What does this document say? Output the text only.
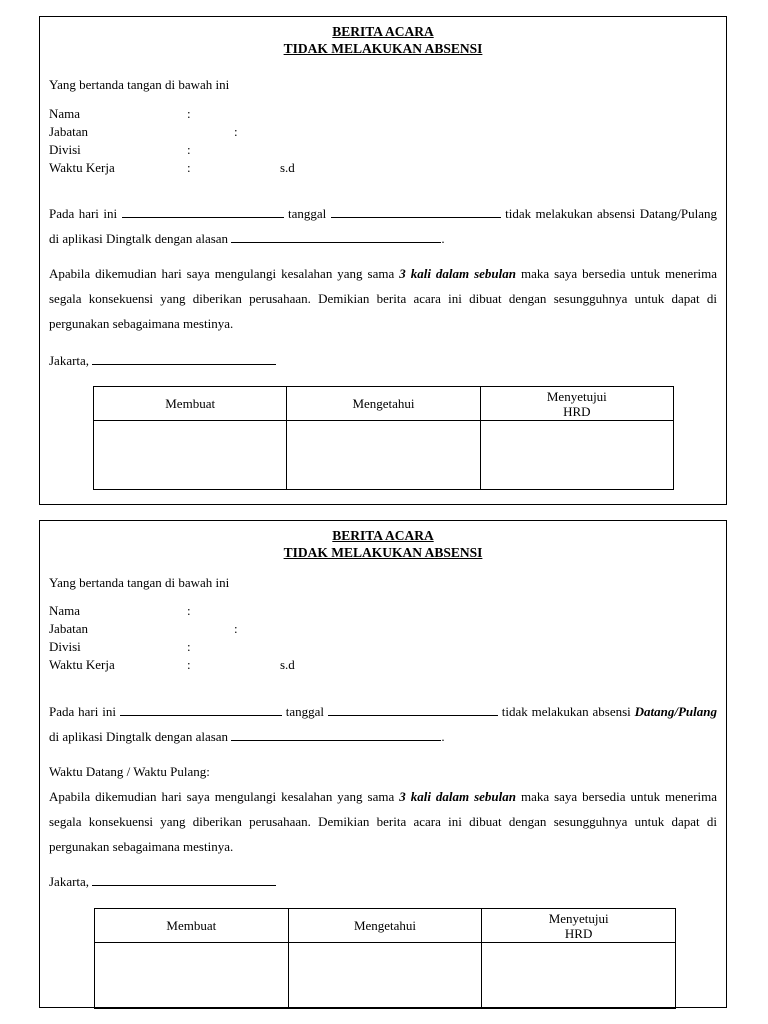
BERITA ACARA
TIDAK MELAKUKAN ABSENSI
Yang bertanda tangan di bawah ini
Nama	:
Jabatan	:
Divisi	:
Waktu Kerja	:	s.d
Pada hari ini	tanggal	tidak melakukan absensi Datang/Pulang di aplikasi Dingtalk dengan alasan	.
Apabila dikemudian hari saya mengulangi kesalahan yang sama 3 kali dalam sebulan maka saya bersedia untuk menerima segala konsekuensi yang diberikan perusahaan. Demikian berita acara ini dibuat dengan sesungguhnya untuk dapat di pergunakan sebagaimana mestinya.
Jakarta,
Membuat	Mengetahui	Menyetujui
HRD

BERITA ACARA
TIDAK MELAKUKAN ABSENSI
Yang bertanda tangan di bawah ini
Nama	:
Jabatan	:
Divisi	:
Waktu Kerja	:	s.d
Pada hari ini	tanggal	tidak melakukan absensi Datang/Pulang di aplikasi Dingtalk dengan alasan	.
Waktu Datang / Waktu Pulang:
Apabila dikemudian hari saya mengulangi kesalahan yang sama 3 kali dalam sebulan maka saya bersedia untuk menerima segala konsekuensi yang diberikan perusahaan. Demikian berita acara ini dibuat dengan sesungguhnya untuk dapat di pergunakan sebagaimana mestinya.
Jakarta,
Membuat	Mengetahui	Menyetujui
HRD
